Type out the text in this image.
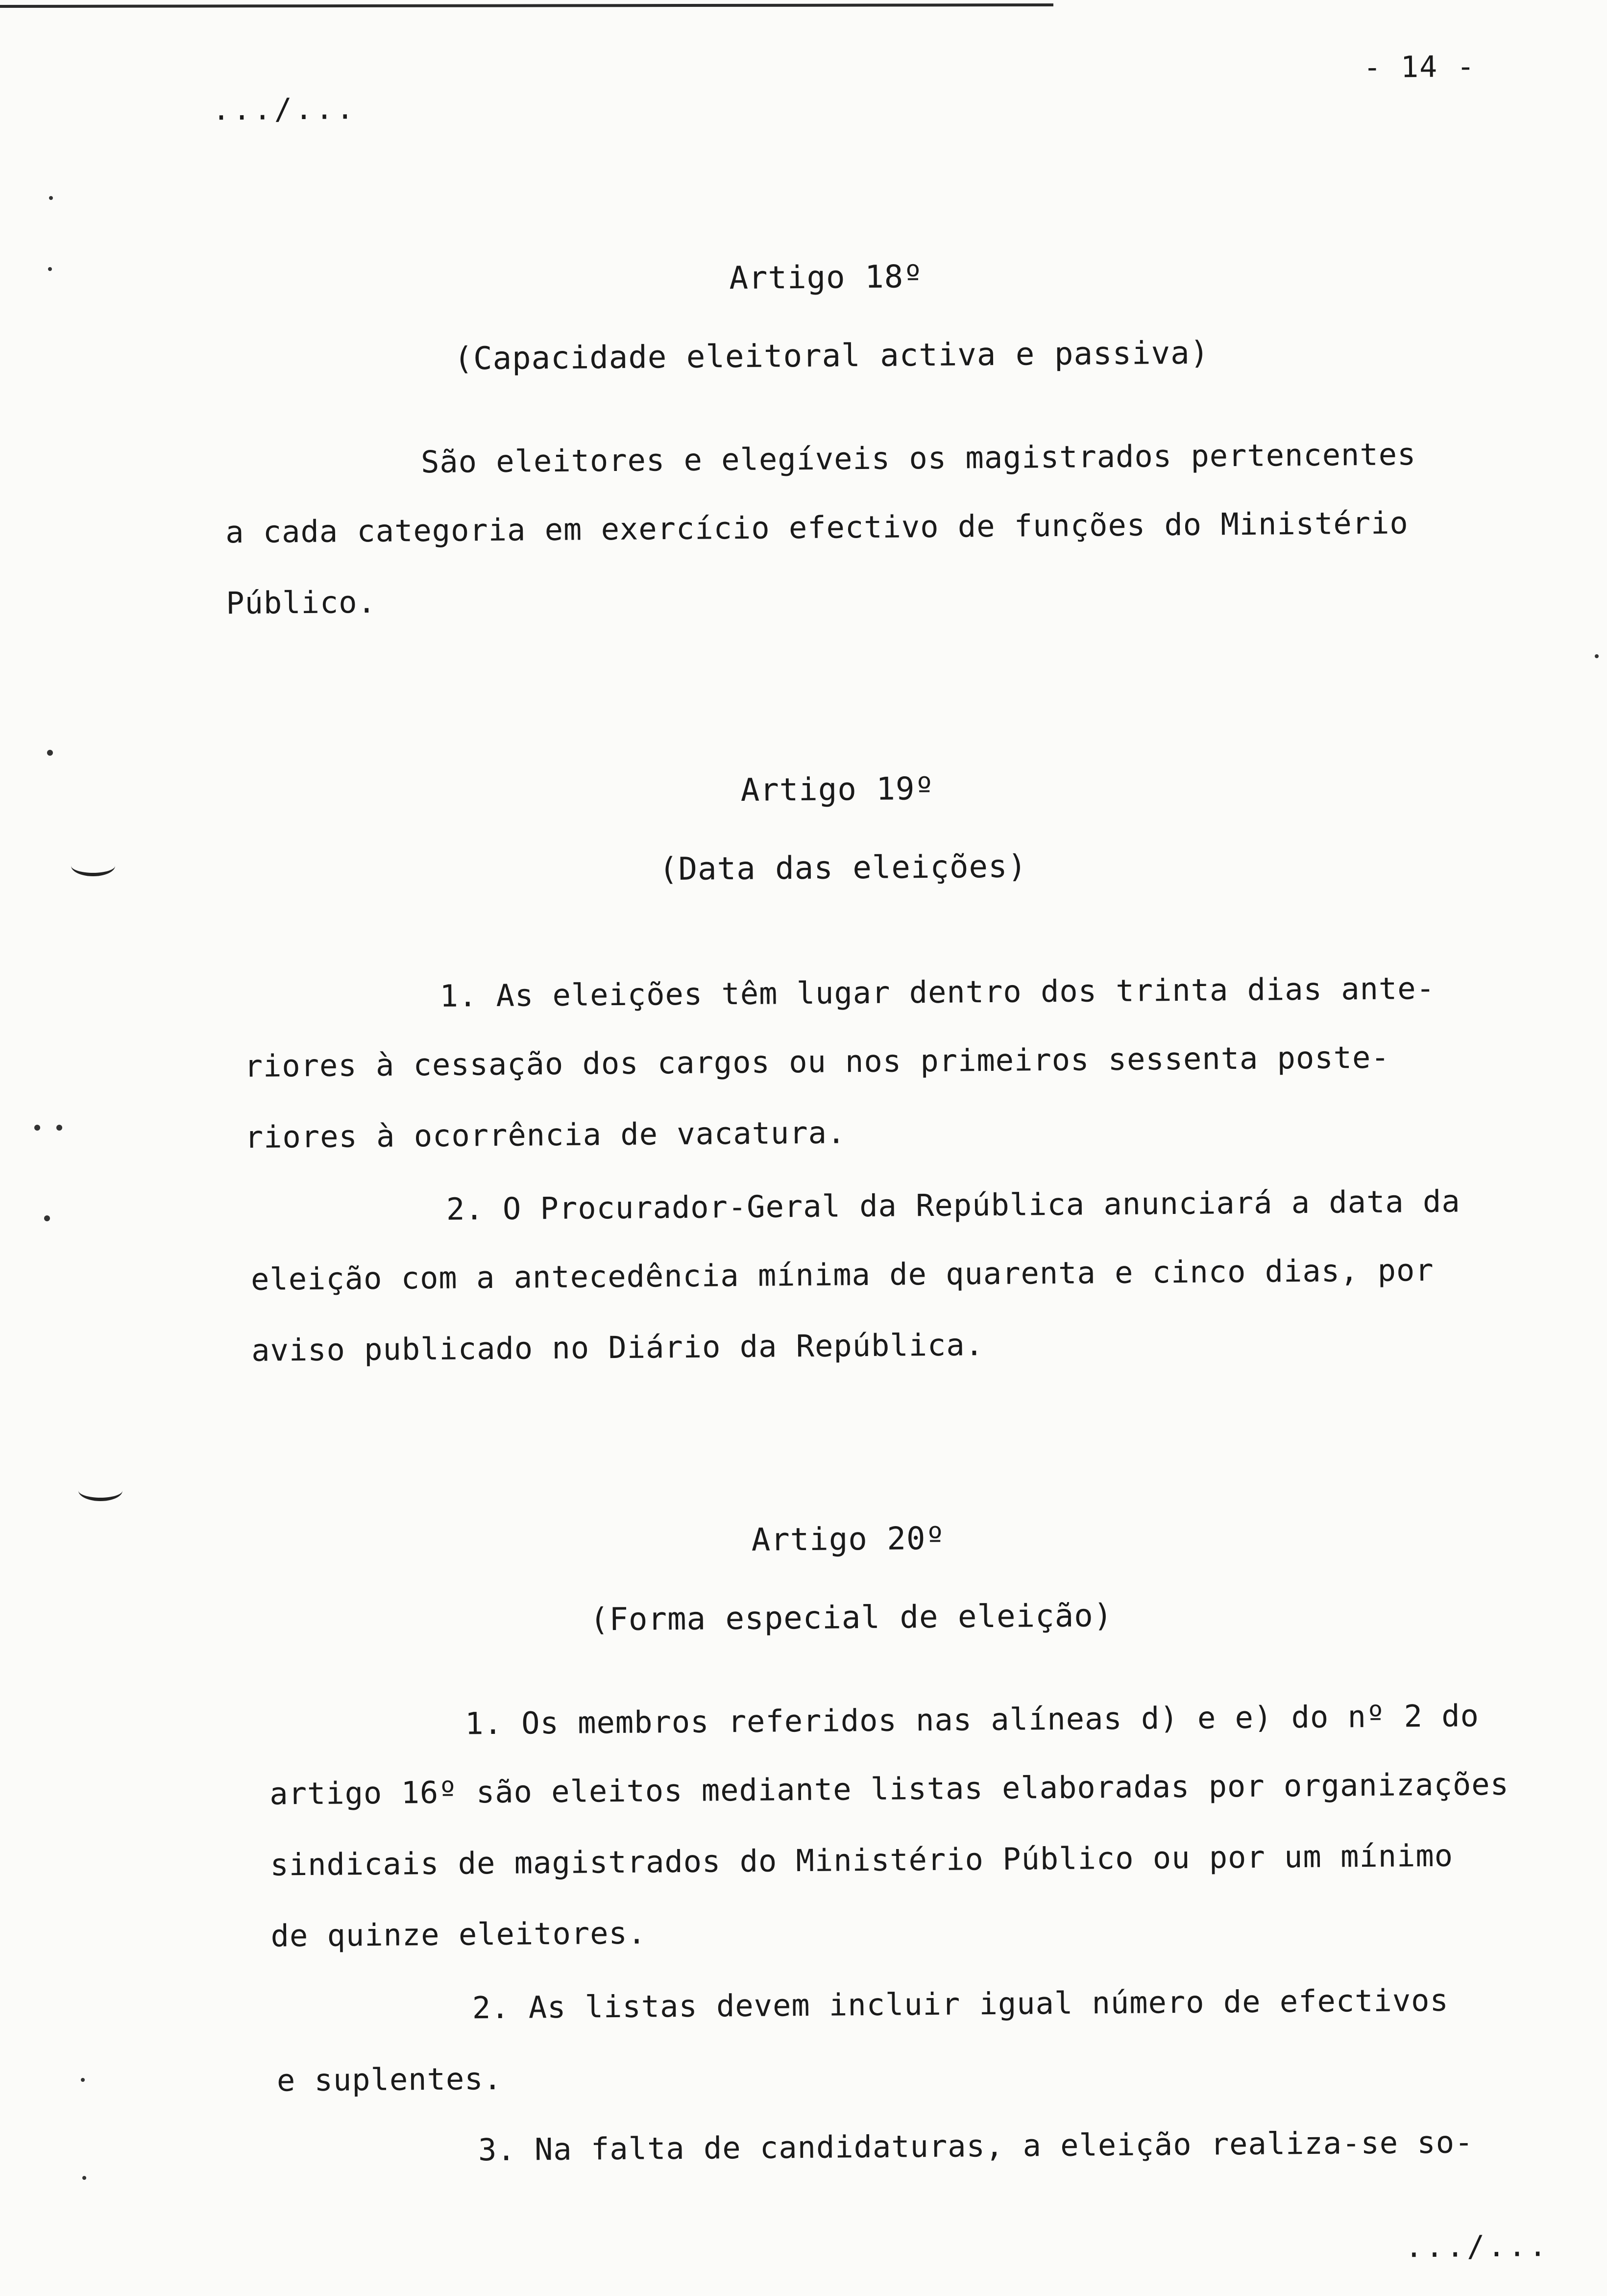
.../...
- 14 -
Artigo 18º
(Capacidade eleitoral activa e passiva)
São eleitores e elegíveis os magistrados pertencentes
a cada categoria em exercício efectivo de funções do Ministério
Público.
Artigo 19º
(Data das eleições)
1. As eleições têm lugar dentro dos trinta dias ante-
riores à cessação dos cargos ou nos primeiros sessenta poste-
riores à ocorrência de vacatura.
2. O Procurador-Geral da República anunciará a data da
eleição com a antecedência mínima de quarenta e cinco dias, por
aviso publicado no Diário da República.
Artigo 20º
(Forma especial de eleição)
1. Os membros referidos nas alíneas d) e e) do nº 2 do
artigo 16º são eleitos mediante listas elaboradas por organizações
sindicais de magistrados do Ministério Público ou por um mínimo
de quinze eleitores.
2. As listas devem incluir igual número de efectivos
e suplentes.
3. Na falta de candidaturas, a eleição realiza-se so-
.../...
